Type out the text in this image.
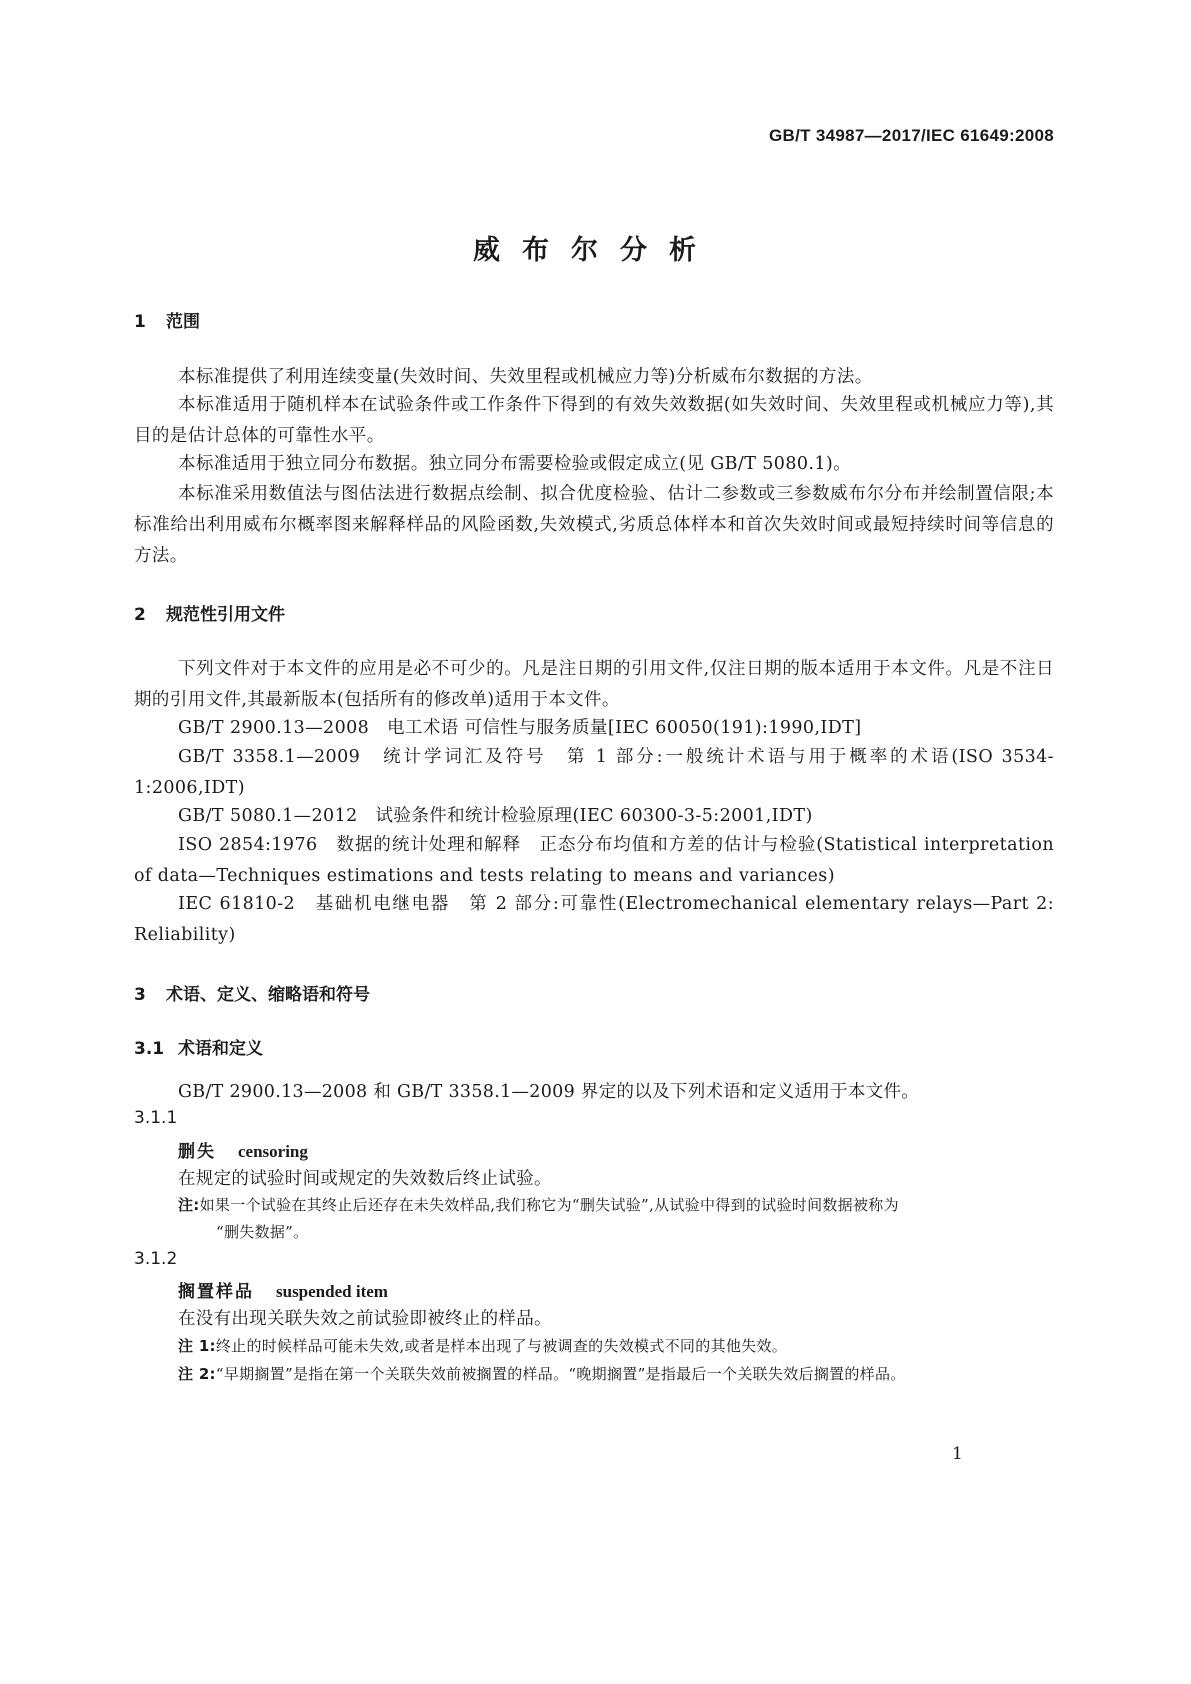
GB/T 34987—2017/IEC 61649:2008
威布尔分析
1 范围
本标准提供了利用连续变量(失效时间、失效里程或机械应力等)分析威布尔数据的方法。
本标准适用于随机样本在试验条件或工作条件下得到的有效失效数据(如失效时间、失效里程或机械应力等),其目的是估计总体的可靠性水平。
本标准适用于独立同分布数据。独立同分布需要检验或假定成立(见 GB/T 5080.1)。
本标准采用数值法与图估法进行数据点绘制、拟合优度检验、估计二参数或三参数威布尔分布并绘制置信限;本标准给出利用威布尔概率图来解释样品的风险函数,失效模式,劣质总体样本和首次失效时间或最短持续时间等信息的方法。
2 规范性引用文件
下列文件对于本文件的应用是必不可少的。凡是注日期的引用文件,仅注日期的版本适用于本文件。凡是不注日期的引用文件,其最新版本(包括所有的修改单)适用于本文件。
GB/T 2900.13—2008　电工术语 可信性与服务质量[IEC 60050(191):1990,IDT]
GB/T 3358.1—2009　统计学词汇及符号　第 1 部分:一般统计术语与用于概率的术语(ISO 3534-1:2006,IDT)
GB/T 5080.1—2012　试验条件和统计检验原理(IEC 60300-3-5:2001,IDT)
ISO 2854:1976　数据的统计处理和解释　正态分布均值和方差的估计与检验(Statistical interpretation of data—Techniques estimations and tests relating to means and variances)
IEC 61810-2　基础机电继电器　第 2 部分:可靠性(Electromechanical elementary relays—Part 2: Reliability)
3 术语、定义、缩略语和符号
3.1 术语和定义
GB/T 2900.13—2008 和 GB/T 3358.1—2009 界定的以及下列术语和定义适用于本文件。
3.1.1
删失 censoring
在规定的试验时间或规定的失效数后终止试验。
注:如果一个试验在其终止后还存在未失效样品,我们称它为“删失试验”,从试验中得到的试验时间数据被称为
“删失数据”。
3.1.2
搁置样品 suspended item
在没有出现关联失效之前试验即被终止的样品。
注 1:终止的时候样品可能未失效,或者是样本出现了与被调查的失效模式不同的其他失效。
注 2:“早期搁置”是指在第一个关联失效前被搁置的样品。“晚期搁置”是指最后一个关联失效后搁置的样品。
1
